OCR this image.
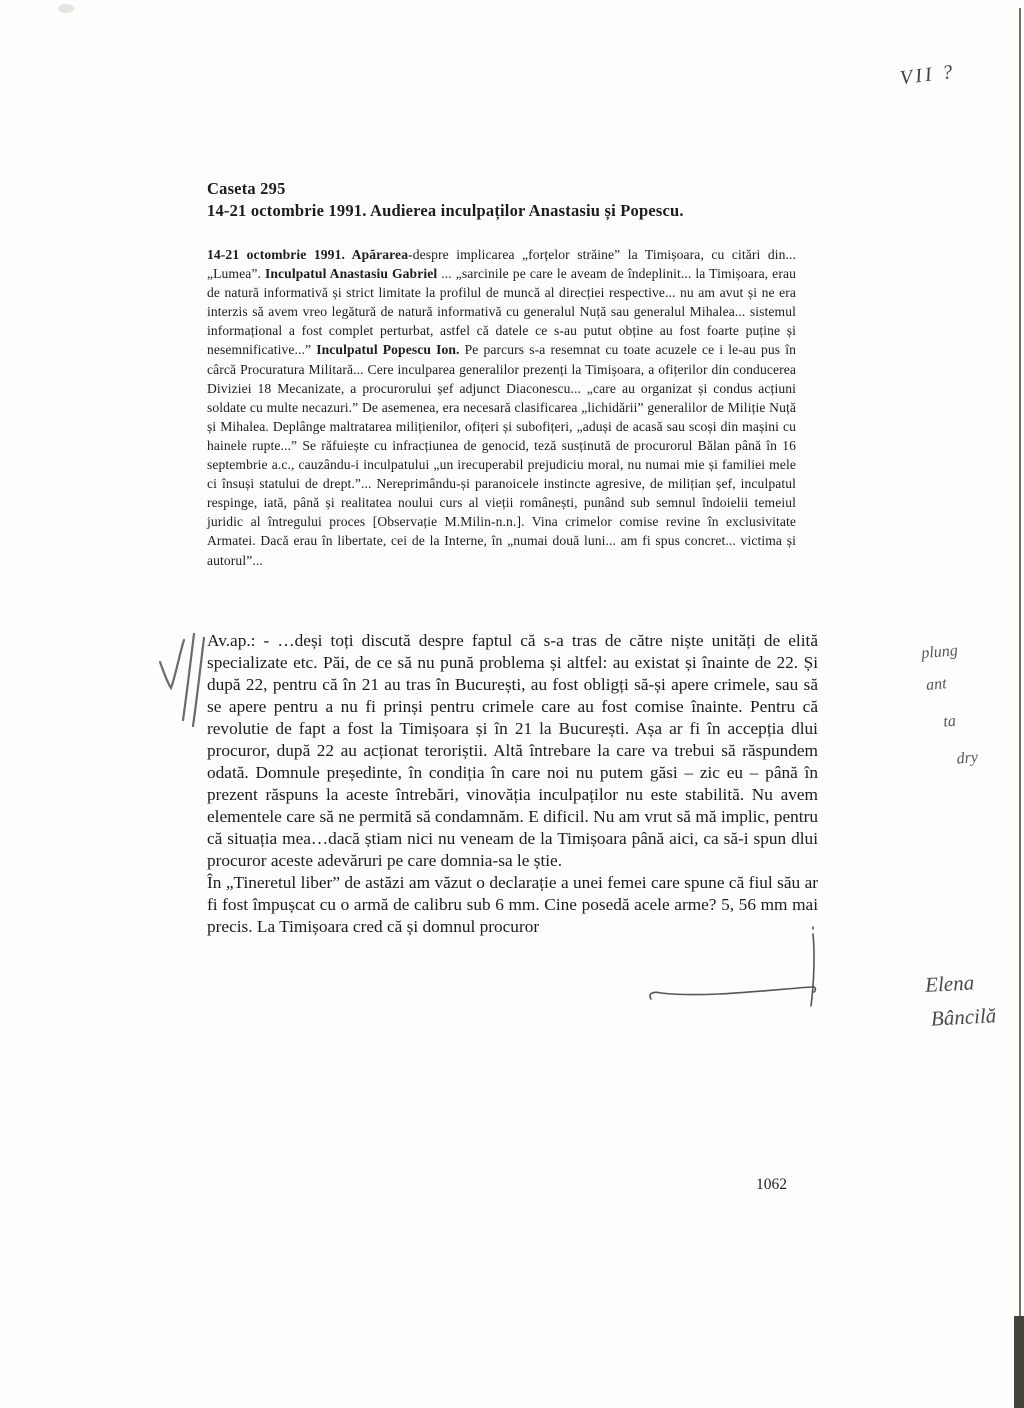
VII ?
Caseta 295
14-21 octombrie 1991. Audierea inculpaților Anastasiu și Popescu.

14-21 octombrie 1991. Apărarea-despre implicarea „forțelor străine” la Timișoara, cu citări din... „Lumea”. Inculpatul Anastasiu Gabriel ... „sarcinile pe care le aveam de îndeplinit... la Timișoara, erau de natură informativă și strict limitate la profilul de muncă al direcției respective... nu am avut și ne era interzis să avem vreo legătură de natură informativă cu generalul Nuță sau generalul Mihalea... sistemul informațional a fost complet perturbat, astfel că datele ce s-au putut obține au fost foarte puține și nesemnificative...” Inculpatul Popescu Ion. Pe parcurs s-a resemnat cu toate acuzele ce i le-au pus în cârcă Procuratura Militară... Cere inculparea generalilor prezenți la Timișoara, a ofițerilor din conducerea Diviziei 18 Mecanizate, a procurorului șef adjunct Diaconescu... „care au organizat și condus acțiuni soldate cu multe necazuri.” De asemenea, era necesară clasificarea „lichidării” generalilor de Miliție Nuță și Mihalea. Deplânge maltratarea milițienilor, ofițeri și subofițeri, „aduși de acasă sau scoși din mașini cu hainele rupte...” Se răfuiește cu infracțiunea de genocid, teză susținută de procurorul Bălan până în 16 septembrie a.c., cauzându-i inculpatului „un irecuperabil prejudiciu moral, nu numai mie și familiei mele ci însuși statului de drept.”... Nereprimându-și paranoicele instincte agresive, de milițian șef, inculpatul respinge, iată, până și realitatea noului curs al vieții românești, punând sub semnul îndoielii temeiul juridic al întregului proces [Observație M.Milin-n.n.]. Vina crimelor comise revine în exclusivitate Armatei. Dacă erau în libertate, cei de la Interne, în „numai două luni... am fi spus concret... victima și autorul”...

Av.ap.: - …deși toți discută despre faptul că s-a tras de către niște unități de elită specializate etc. Păi, de ce să nu pună problema și altfel: au existat și înainte de 22. Și după 22, pentru că în 21 au tras în București, au fost obligți să-și apere crimele, sau să se apere pentru a nu fi prinși pentru crimele care au fost comise înainte. Pentru că revolutie de fapt a fost la Timișoara și în 21 la București. Așa ar fi în accepția dlui procuror, după 22 au acționat teroriștii. Altă întrebare la care va trebui să răspundem odată. Domnule președinte, în condiția în care noi nu putem găsi – zic eu – până în prezent răspuns la aceste întrebări, vinovăția inculpaților nu este stabilită. Nu avem elementele care să ne permită să condamnăm. E dificil. Nu am vrut să mă implic, pentru că situația mea…dacă știam nici nu veneam de la Timișoara până aici, ca să-i spun dlui procuror aceste adevăruri pe care domnia-sa le știe.

În „Tineretul liber” de astăzi am văzut o declarație a unei femei care spune că fiul său ar fi fost împușcat cu o armă de calibru sub 6 mm. Cine posedă acele arme? 5, 56 mm mai precis. La Timișoara cred că și domnul procuror

plung
ant
ta
dry
Elena
Bâncilă
1062
